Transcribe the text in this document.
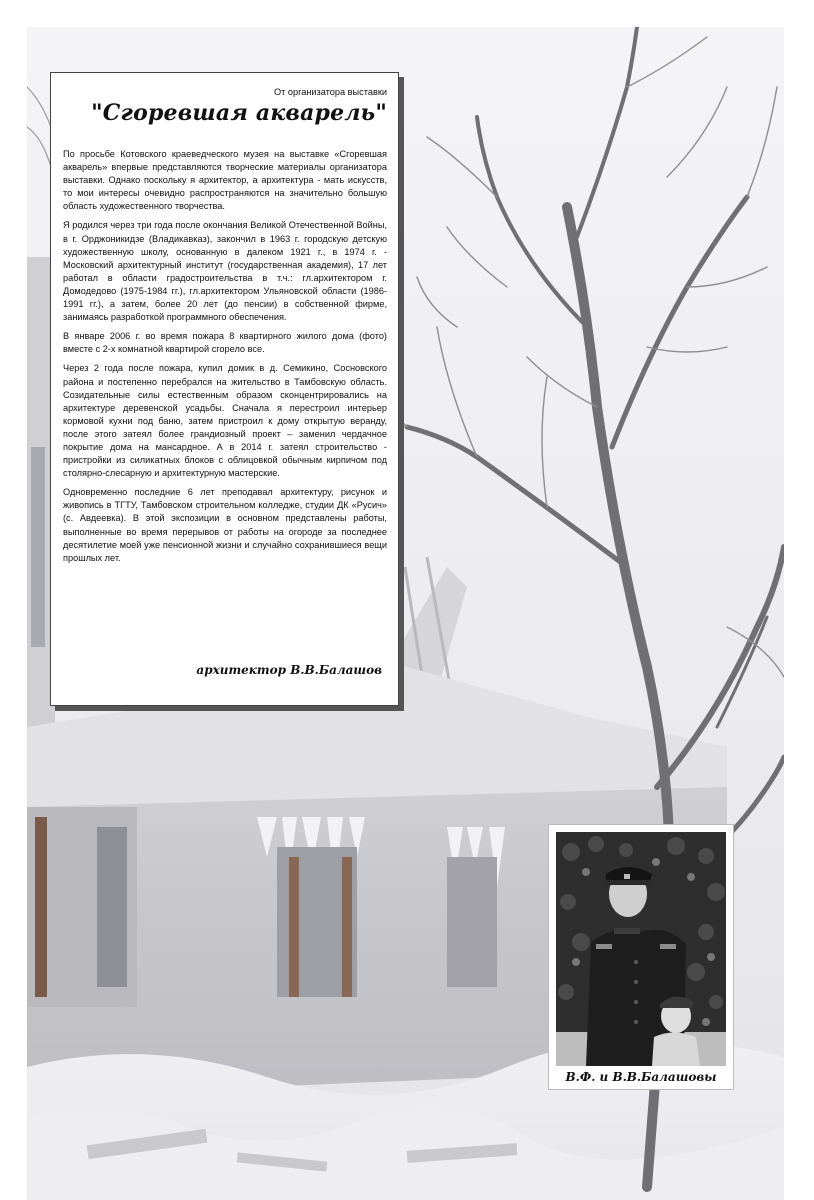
От организатора выставки
"Сгоревшая акварель"

По просьбе Котовского краеведческого музея на выставке «Сгоревшая акварель» впервые представляются творческие материалы организатора выставки. Однако поскольку я архитектор, а архитектура - мать искусств, то мои интересы очевидно распространяются на значительно большую область художественного творчества.

Я родился через три года после окончания Великой Отечественной Войны, в г. Орджоникидзе (Владикавказ), закончил в 1963 г. городскую детскую художественную школу, основанную в далеком 1921 г., в 1974 г. - Московский архитектурный институт (государственная академия), 17 лет работал в области градостроительства в т.ч.: гл.архитектором г. Домодедово (1975-1984 гг.), гл.архитектором Ульяновской области (1986-1991 гг.), а затем, более 20 лет (до пенсии) в собственной фирме, занимаясь разработкой программного обеспечения.

В январе 2006 г. во время пожара 8 квартирного жилого дома (фото) вместе с 2-х комнатной квартирой сгорело все.

Через 2 года после пожара, купил домик в д. Семикино, Сосновского района и постепенно перебрался на жительство в Тамбовскую область. Созидательные силы естественным образом сконцентрировались на архитектуре деревенской усадьбы. Сначала я перестроил интерьер кормовой кухни под баню, затем пристроил к дому открытую веранду, после этого затеял более грандиозный проект – заменил чердачное покрытие дома на мансардное. А в 2014 г. затеял строительство - пристройки из силикатных блоков с облицовкой обычным кирпичом под столярно-слесарную и архитектурную мастерские.

Одновременно последние 6 лет преподавал архитектуру, рисунок и живопись в ТГТУ, Тамбовском строительном колледже, студии ДК «Русич» (с. Авдеевка). В этой экспозиции в основном представлены работы, выполненные во время перерывов от работы на огороде за последнее десятилетие моей уже пенсионной жизни и случайно сохранившиеся вещи прошлых лет.

архитектор В.В.Балашов
В.Ф. и В.В.Балашовы
